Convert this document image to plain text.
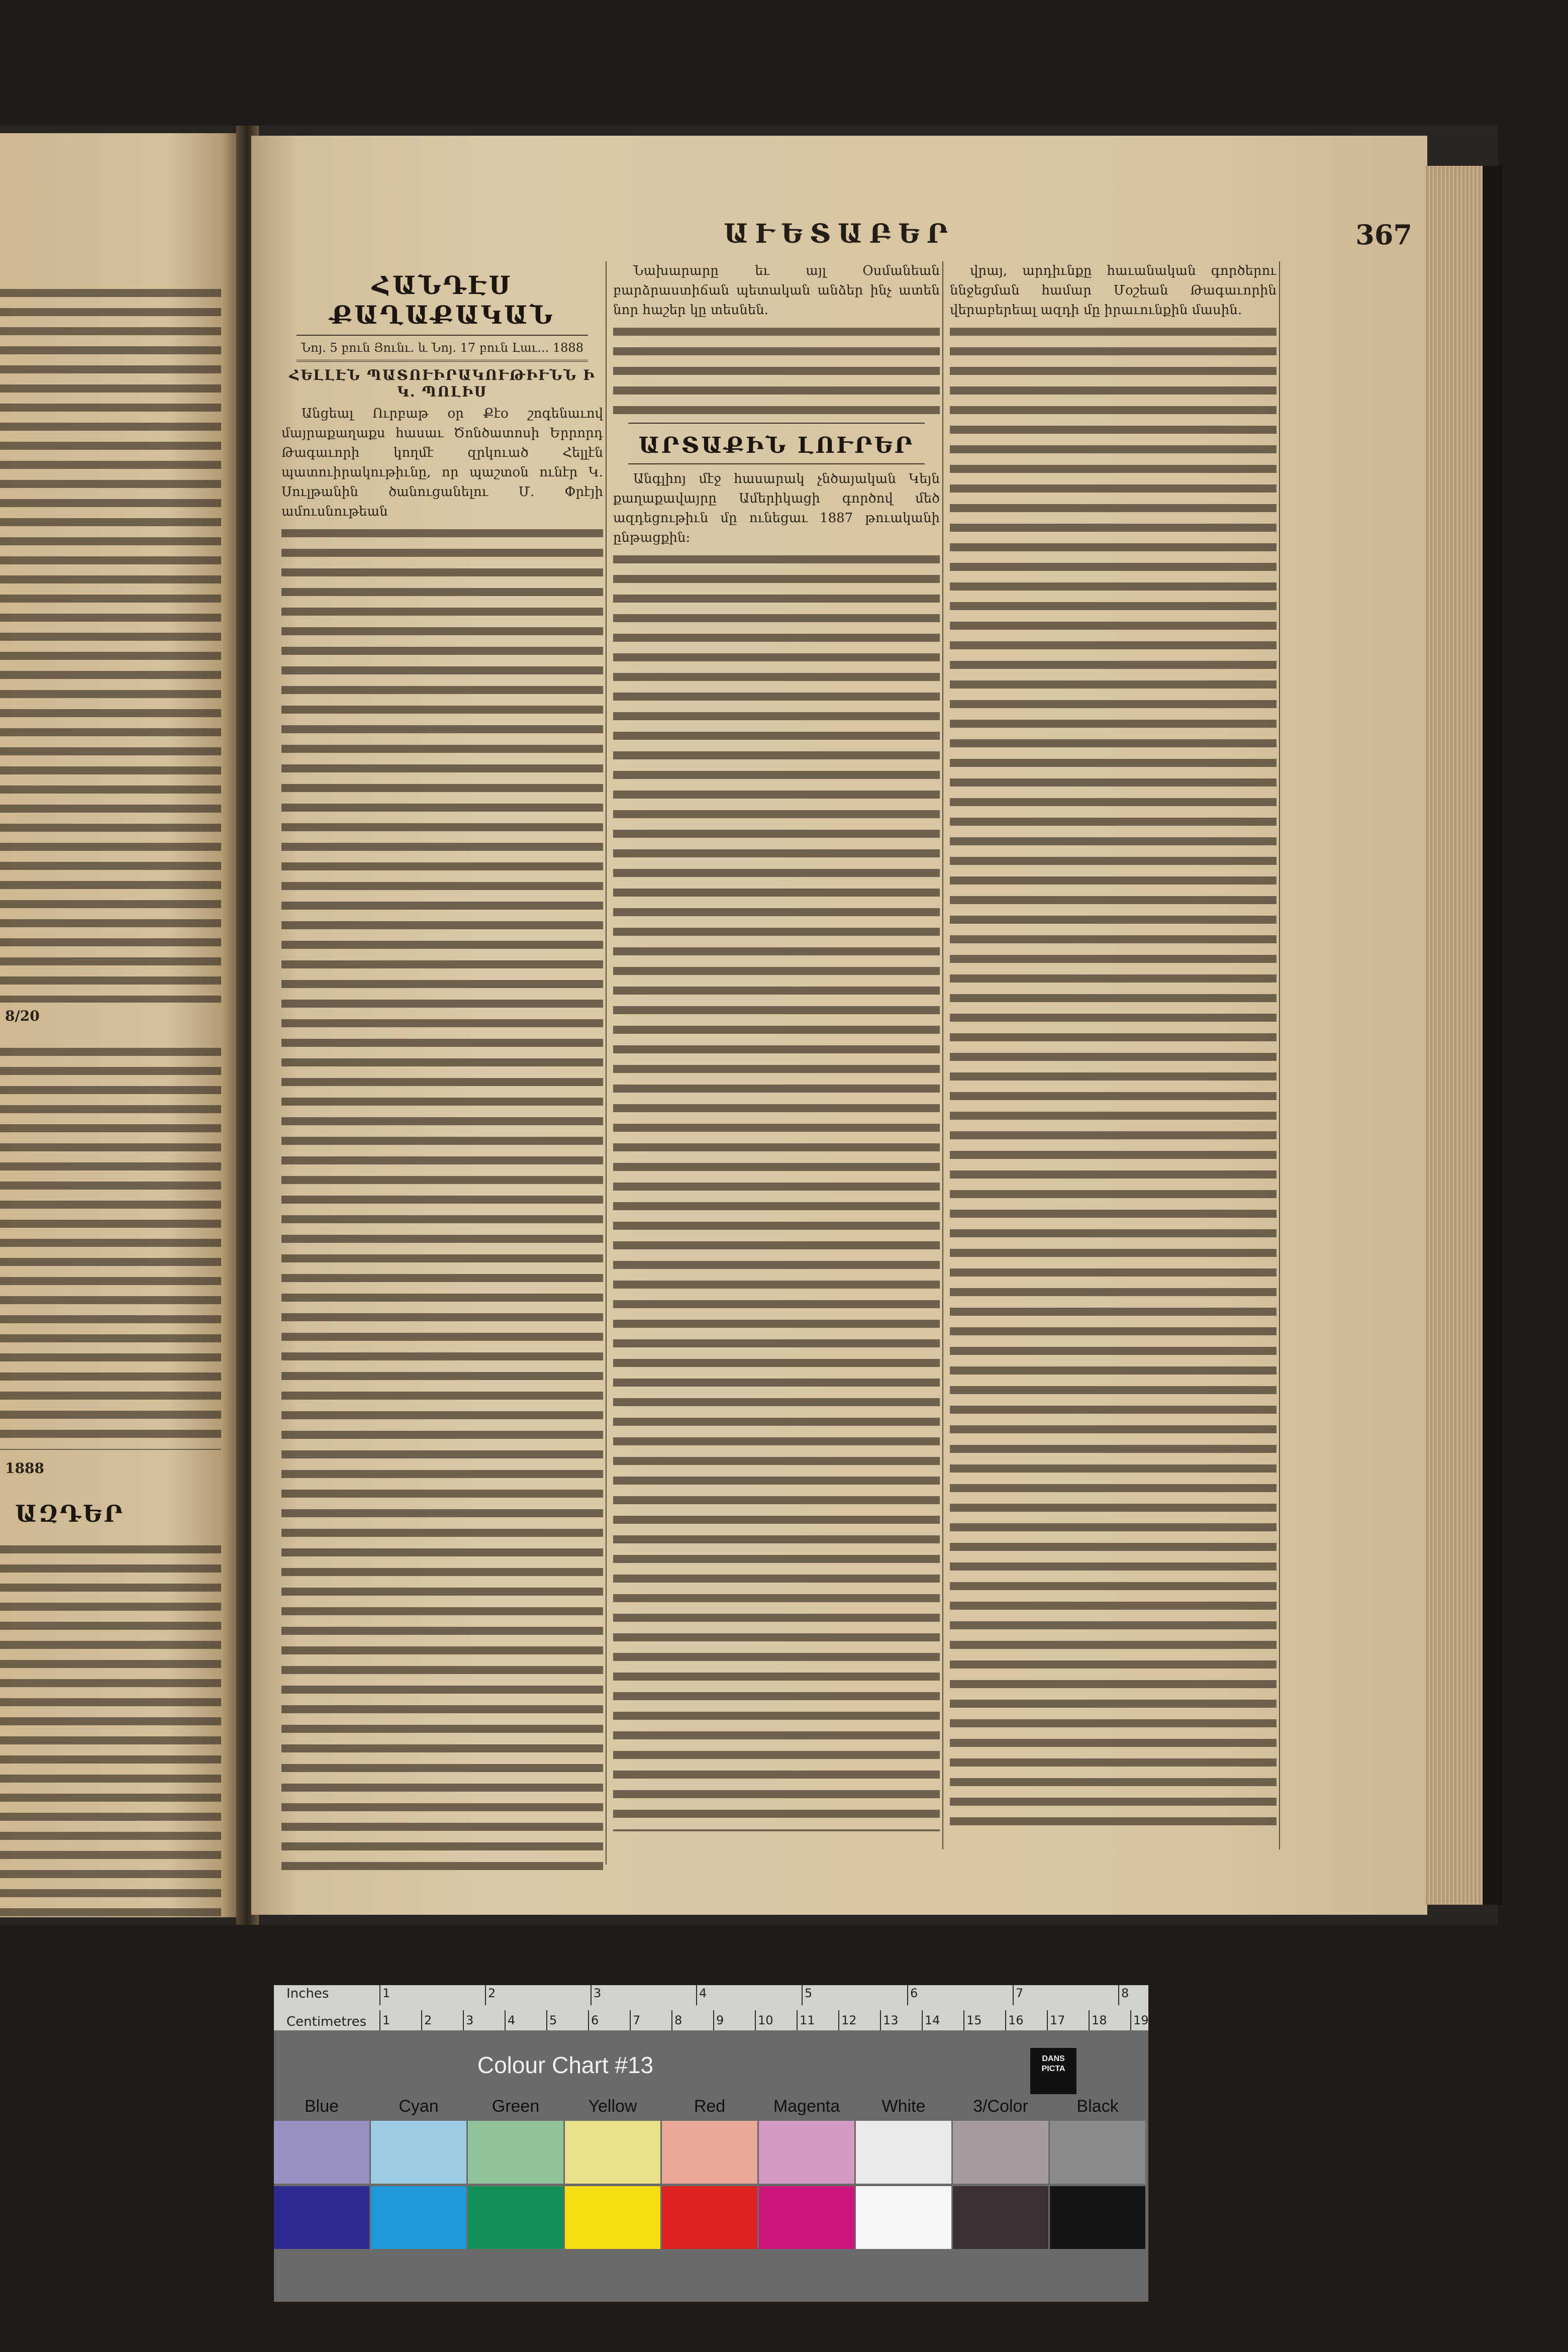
8/20
1888
ԱԶԴԵՐ
ԱՒԵՏԱԲԵՐ	367
ՀԱՆԴԷՍ ՔԱՂԱՔԱԿԱՆ
Նոյ. 5 բուն Յունւ. և Նոյ. 17 բուն Լաւ... 1888
ՀԵԼԼԷՆ ՊԱՏՈՒԻՐԱԿՈՒԹԻՒՆՆ Ի Կ. ՊՈԼԻՍ

Անցեալ Ուրբաթ օր Քէօ շոգենաւով մայրաքաղաքս հասաւ Ծոնծատոսի Երրորդ Թագաւորի կողմէ զրկուած Հելլէն պատուիրակութիւնը, որ պաշտօն ունէր Կ. Սուլթանին ծանուցանելու Մ. Փրէյի ամուսնութեան

Նախարարը եւ այլ Օսմանեան բարձրաստիճան պետական անձեր ինչ ատեն նոր հաշեր կը տեսնեն.

ԱՐՏԱՔԻՆ ԼՈՒՐԵՐ

Անգլիոյ մէջ հասարակ չնծայական Կեյն քաղաքավայրը Ամերիկացի գործով մեծ ազդեցութիւն մը ունեցաւ 1887 թուականի ընթացքին:

վրայ, արդիւնքը հաւանական գործերու ննջեցման համար Մօշեան Թագաւորին վերաբերեալ ազդի մը իրաւունքին մասին.

Inches
Centimetres
1	2	3	4	5	6	7	8
1	2	3	4	5	6	7	8	9	10 11 12 13 14 15 16 17 18 19
Colour Chart #13	DANS PICTA
Blue	Cyan	Green	Yellow	Red	Magenta	White	3/Color	Black
